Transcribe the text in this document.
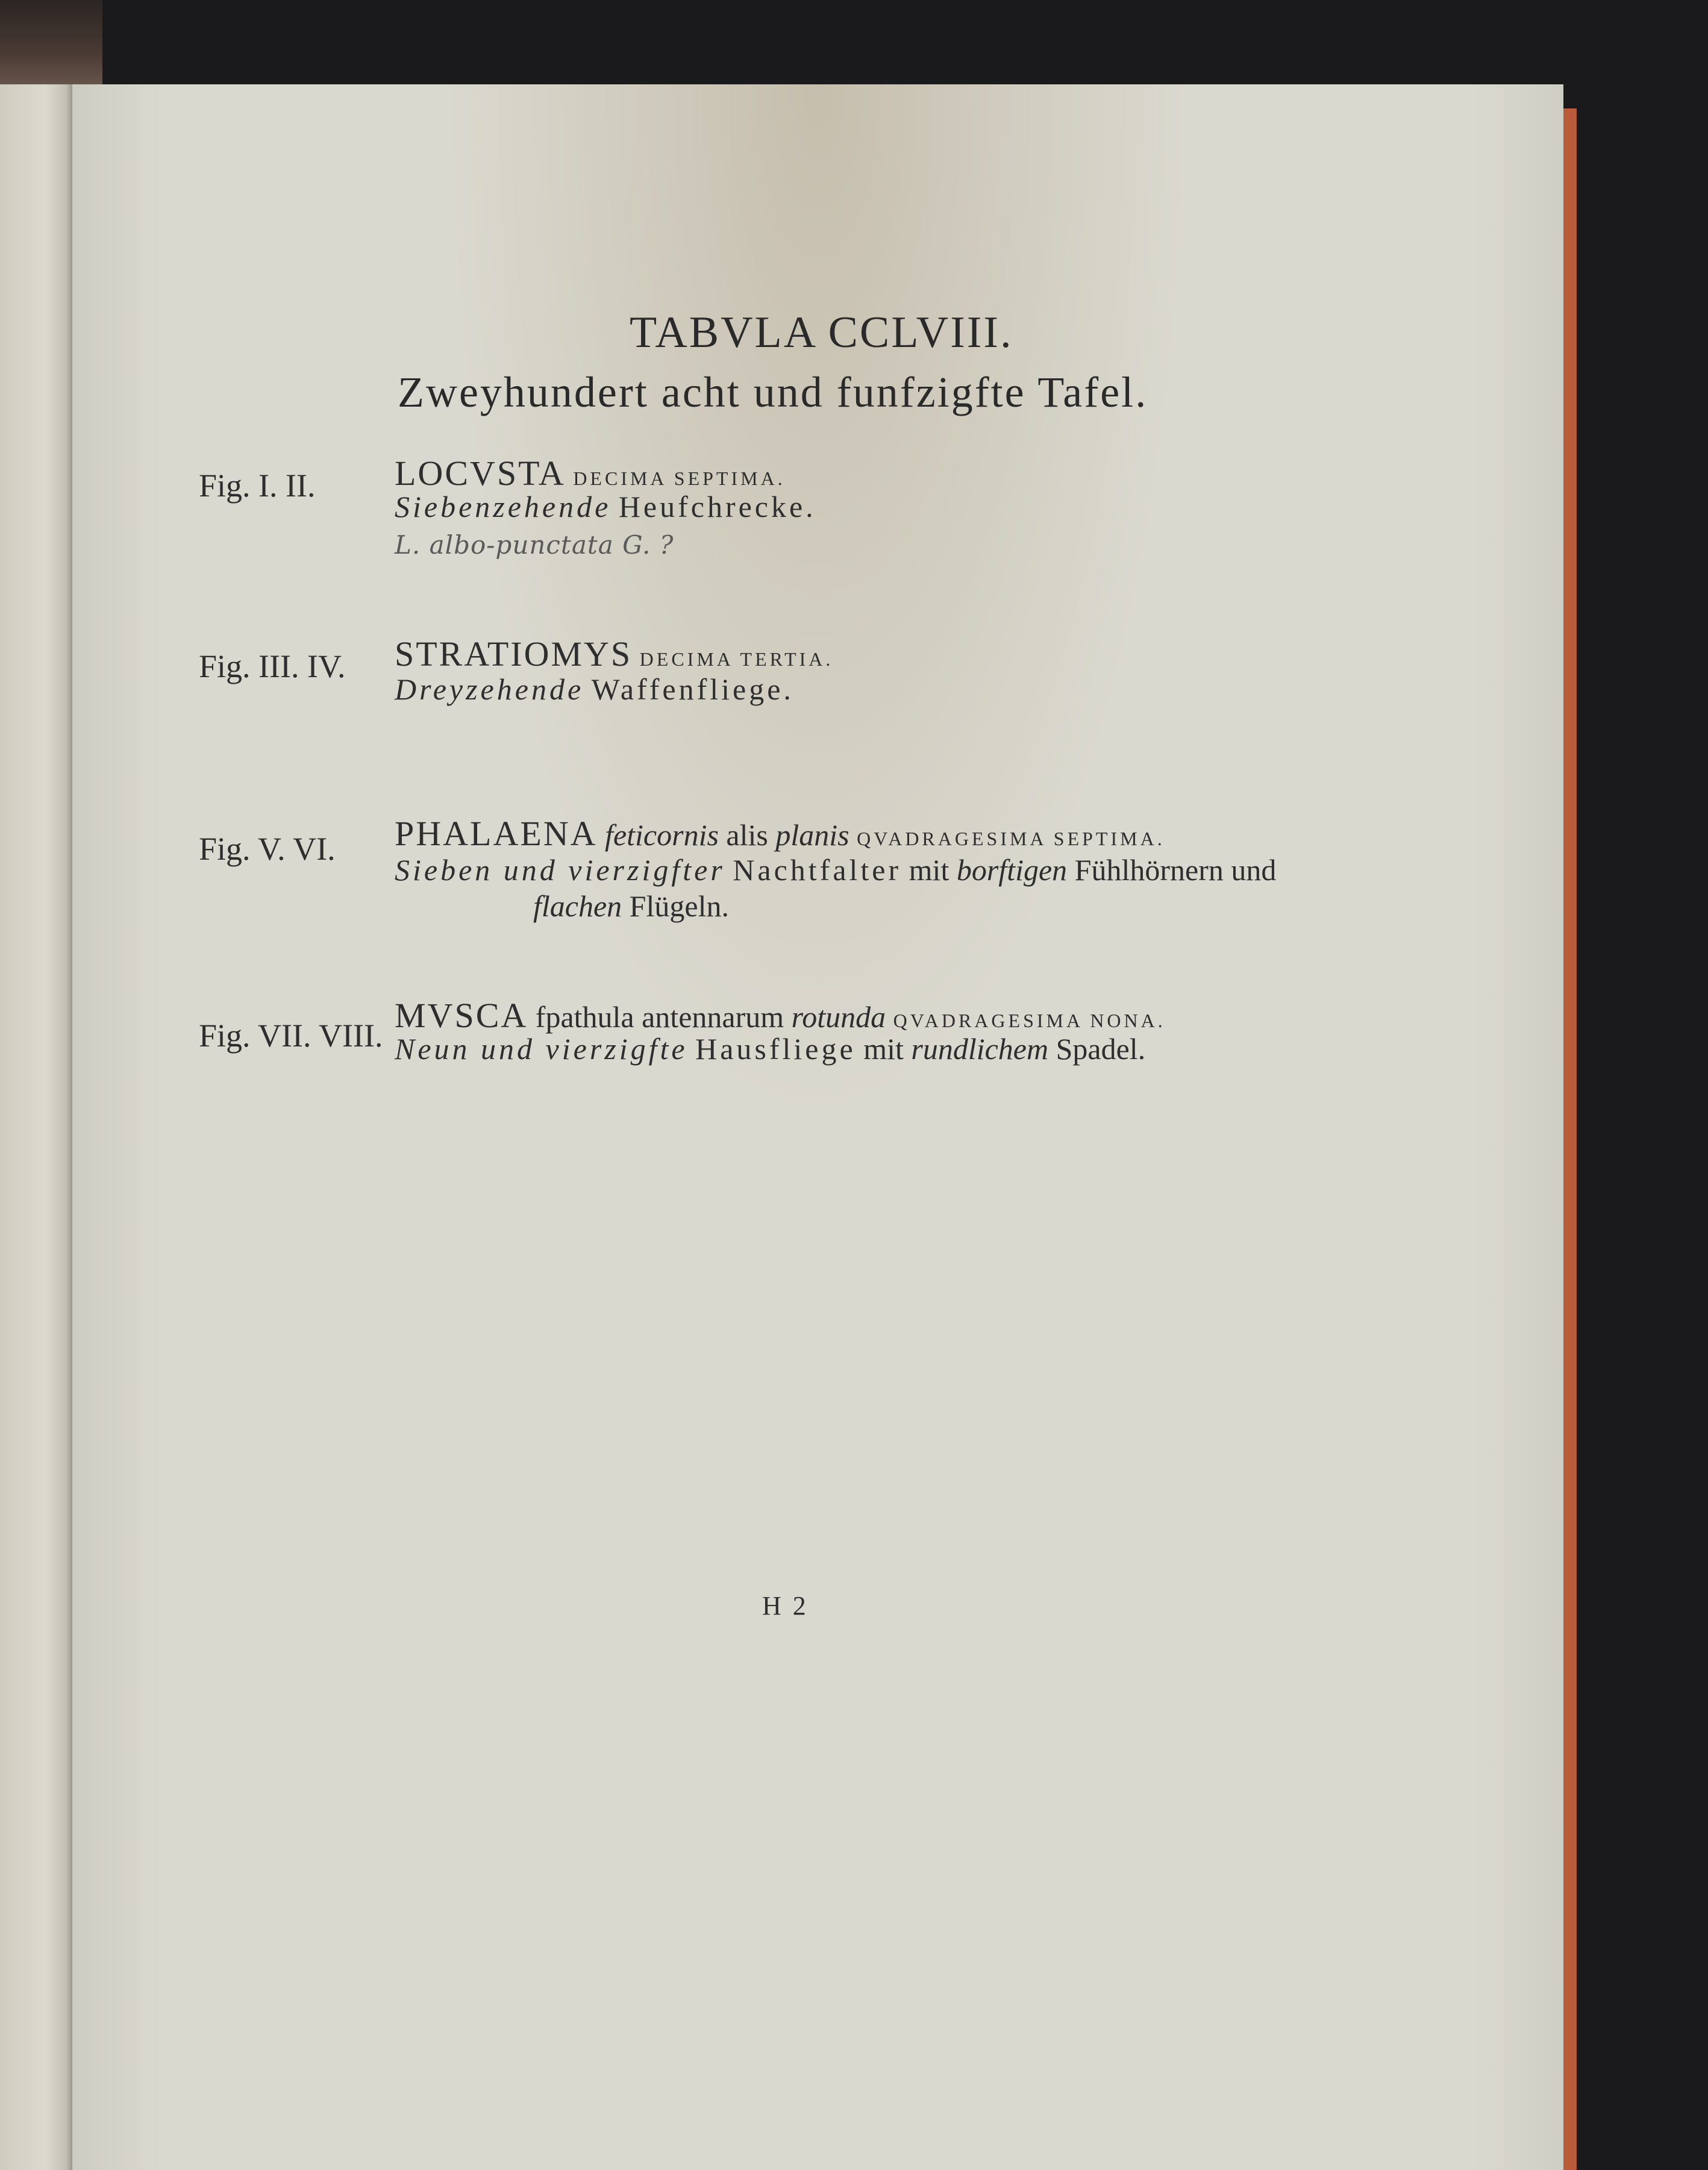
TABVLA CCLVIII.
Zweyhundert acht und funfzigfte Tafel.
Fig. I. II. LOCVSTA DECIMA SEPTIMA.
Siebenzehende Heufchrecke.
L. albo-punctata G. ?
Fig. III. IV. STRATIOMYS DECIMA TERTIA.
Dreyzehende Waffenfliege.
Fig. V. VI. PHALAENA feticornis alis planis QVADRAGESIMA SEPTIMA.
Sieben und vierzigfter Nachtfalter mit borftigen Fühlhörnern und
flachen Flügeln.
Fig. VII. VIII.
MVSCA fpathula antennarum rotunda QVADRAGESIMA NONA.
Neun und vierzigfte Hausfliege mit rundlichem Spadel.
H 2
